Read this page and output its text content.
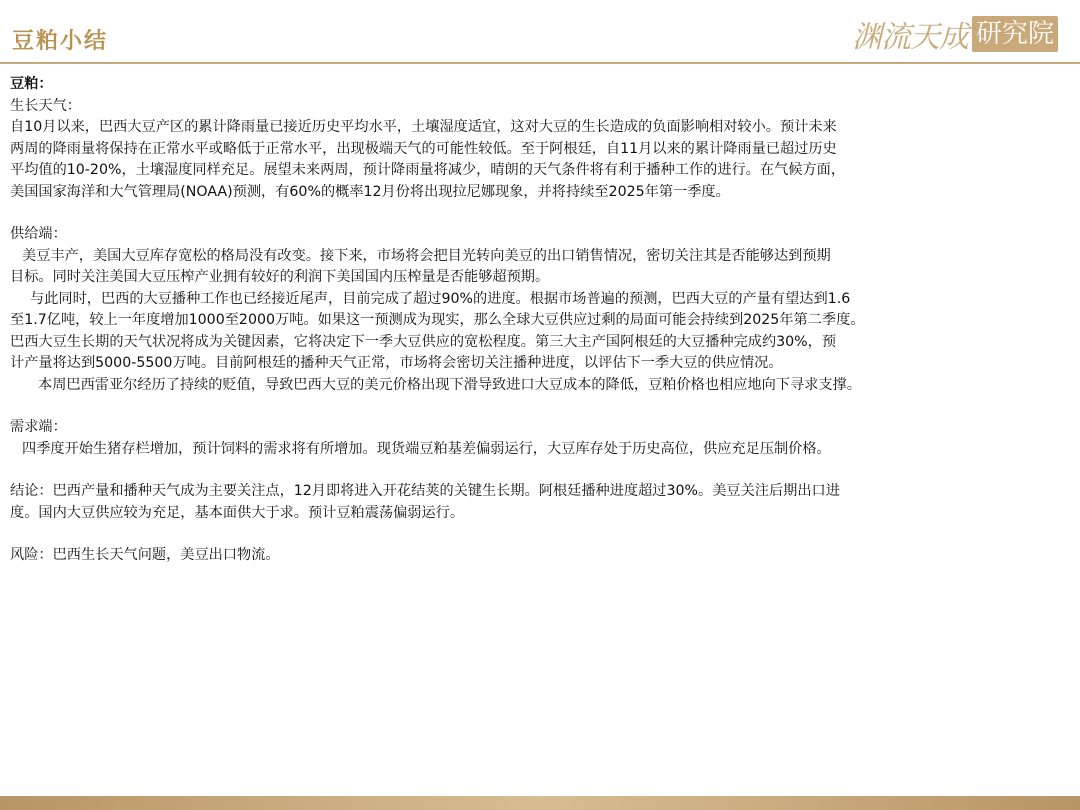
豆粕小结	渊流天成 研究院

豆粕：

生长天气：

自10月以来，巴西大豆产区的累计降雨量已接近历史平均水平，土壤湿度适宜，这对大豆的生长造成的负面影响相对较小。预计未来

两周的降雨量将保持在正常水平或略低于正常水平，出现极端天气的可能性较低。至于阿根廷，自11月以来的累计降雨量已超过历史

平均值的10-20%，土壤湿度同样充足。展望未来两周，预计降雨量将减少，晴朗的天气条件将有利于播种工作的进行。在气候方面，

美国国家海洋和大气管理局(NOAA)预测，有60%的概率12月份将出现拉尼娜现象，并将持续至2025年第一季度。

供给端：

美豆丰产，美国大豆库存宽松的格局没有改变。接下来，市场将会把目光转向美豆的出口销售情况，密切关注其是否能够达到预期

目标。同时关注美国大豆压榨产业拥有较好的利润下美国国内压榨量是否能够超预期。

与此同时，巴西的大豆播种工作也已经接近尾声，目前完成了超过90%的进度。根据市场普遍的预测，巴西大豆的产量有望达到1.6

至1.7亿吨，较上一年度增加1000至2000万吨。如果这一预测成为现实，那么全球大豆供应过剩的局面可能会持续到2025年第二季度。

巴西大豆生长期的天气状况将成为关键因素，它将决定下一季大豆供应的宽松程度。第三大主产国阿根廷的大豆播种完成约30%，预

计产量将达到5000-5500万吨。目前阿根廷的播种天气正常，市场将会密切关注播种进度，以评估下一季大豆的供应情况。

本周巴西雷亚尔经历了持续的贬值，导致巴西大豆的美元价格出现下滑导致进口大豆成本的降低，豆粕价格也相应地向下寻求支撑。

需求端：

四季度开始生猪存栏增加，预计饲料的需求将有所增加。现货端豆粕基差偏弱运行，大豆库存处于历史高位，供应充足压制价格。

结论：巴西产量和播种天气成为主要关注点，12月即将进入开花结荚的关键生长期。阿根廷播种进度超过30%。美豆关注后期出口进

度。国内大豆供应较为充足，基本面供大于求。预计豆粕震荡偏弱运行。

风险：巴西生长天气问题，美豆出口物流。
